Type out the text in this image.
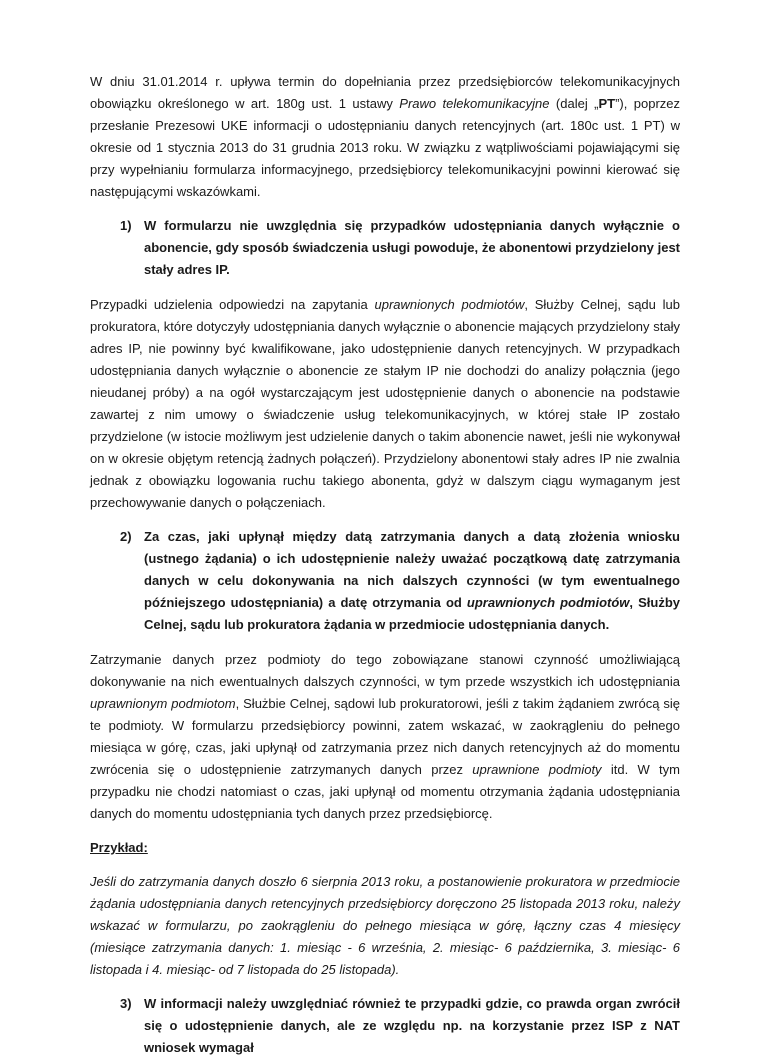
W dniu 31.01.2014 r. upływa termin do dopełniania przez przedsiębiorców telekomunikacyjnych obowiązku określonego w art. 180g ust. 1 ustawy Prawo telekomunikacyjne (dalej „PT”), poprzez przesłanie Prezesowi UKE informacji o udostępnianiu danych retencyjnych (art. 180c ust. 1 PT) w okresie od 1 stycznia 2013 do 31 grudnia 2013 roku. W związku z wątpliwościami pojawiającymi się przy wypełnianiu formularza informacyjnego, przedsiębiorcy telekomunikacyjni powinni kierować się następującymi wskazówkami.

1) W formularzu nie uwzględnia się przypadków udostępniania danych wyłącznie o abonencie, gdy sposób świadczenia usługi powoduje, że abonentowi przydzielony jest stały adres IP.

Przypadki udzielenia odpowiedzi na zapytania uprawnionych podmiotów, Służby Celnej, sądu lub prokuratora, które dotyczyły udostępniania danych wyłącznie o abonencie mających przydzielony stały adres IP, nie powinny być kwalifikowane, jako udostępnienie danych retencyjnych. W przypadkach udostępniania danych wyłącznie o abonencie ze stałym IP nie dochodzi do analizy połącznia (jego nieudanej próby) a na ogół wystarczającym jest udostępnienie danych o abonencie na podstawie zawartej z nim umowy o świadczenie usług telekomunikacyjnych, w której stałe IP zostało przydzielone (w istocie możliwym jest udzielenie danych o takim abonencie nawet, jeśli nie wykonywał on w okresie objętym retencją żadnych połączeń). Przydzielony abonentowi stały adres IP nie zwalnia jednak z obowiązku logowania ruchu takiego abonenta, gdyż w dalszym ciągu wymaganym jest przechowywanie danych o połączeniach.

2) Za czas, jaki upłynął między datą zatrzymania danych a datą złożenia wniosku (ustnego żądania) o ich udostępnienie należy uważać początkową datę zatrzymania danych w celu dokonywania na nich dalszych czynności (w tym ewentualnego późniejszego udostępniania) a datę otrzymania od uprawnionych podmiotów, Służby Celnej, sądu lub prokuratora żądania w przedmiocie udostępniania danych.

Zatrzymanie danych przez podmioty do tego zobowiązane stanowi czynność umożliwiającą dokonywanie na nich ewentualnych dalszych czynności, w tym przede wszystkich ich udostępniania uprawnionym podmiotom, Służbie Celnej, sądowi lub prokuratorowi, jeśli z takim żądaniem zwrócą się te podmioty. W formularzu przedsiębiorcy powinni, zatem wskazać, w zaokrągleniu do pełnego miesiąca w górę, czas, jaki upłynął od zatrzymania przez nich danych retencyjnych aż do momentu zwrócenia się o udostępnienie zatrzymanych danych przez uprawnione podmioty itd. W tym przypadku nie chodzi natomiast o czas, jaki upłynął od momentu otrzymania żądania udostępniania danych do momentu udostępniania tych danych przez przedsiębiorcę.

Przykład:

Jeśli do zatrzymania danych doszło 6 sierpnia 2013 roku, a postanowienie prokuratora w przedmiocie żądania udostępniania danych retencyjnych przedsiębiorcy doręczono 25 listopada 2013 roku, należy wskazać w formularzu, po zaokrągleniu do pełnego miesiąca w górę, łączny czas 4 miesięcy (miesiące zatrzymania danych: 1. miesiąc - 6 września, 2. miesiąc- 6 października, 3. miesiąc- 6 listopada i 4. miesiąc- od 7 listopada do 25 listopada).

3) W informacji należy uwzględniać również te przypadki gdzie, co prawda organ zwrócił się o udostępnienie danych, ale ze względu np. na korzystanie przez ISP z NAT wniosek wymagał
